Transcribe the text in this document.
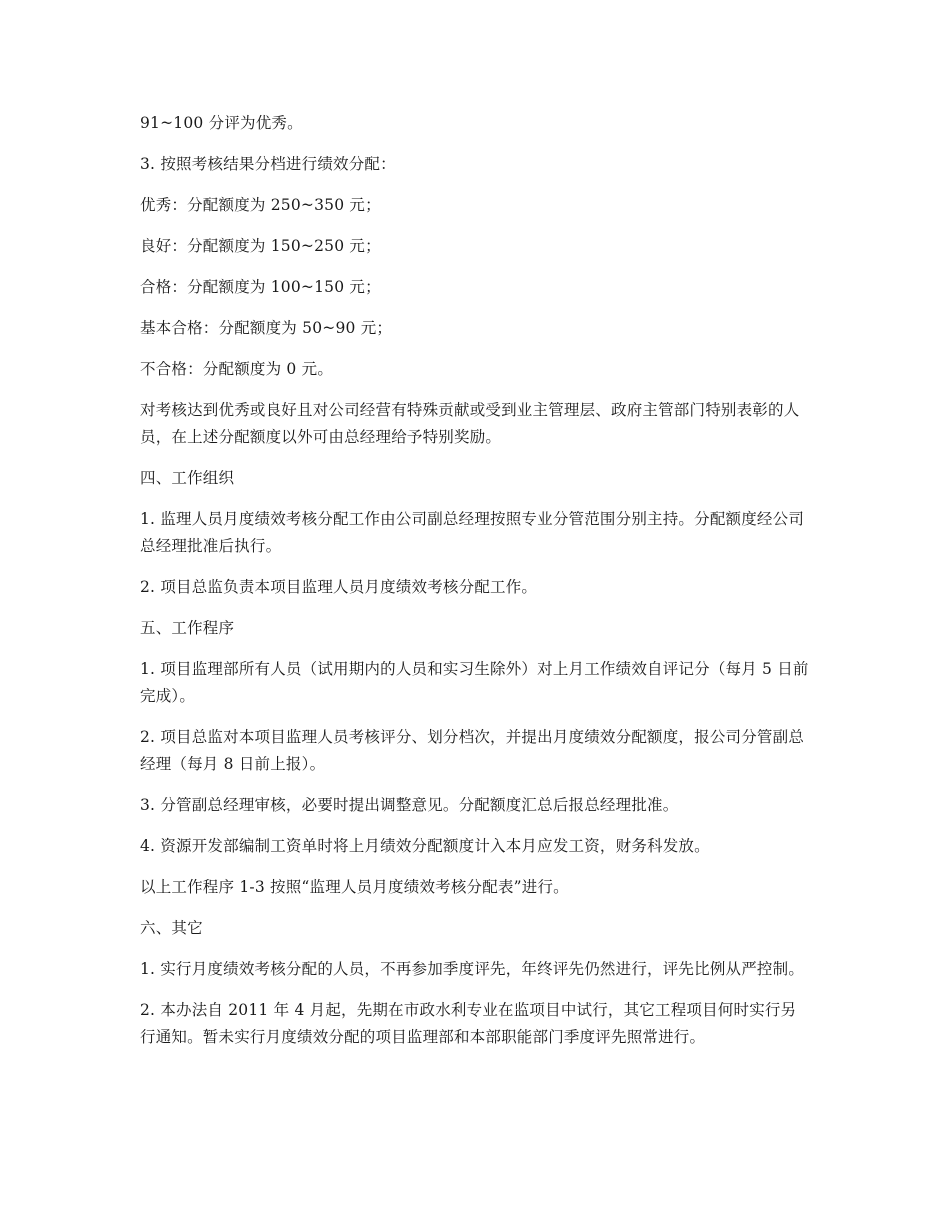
91~100 分评为优秀。

3. 按照考核结果分档进行绩效分配：

优秀：分配额度为 250~350 元；

良好：分配额度为 150~250 元；

合格：分配额度为 100~150 元；

基本合格：分配额度为 50~90 元；

不合格：分配额度为 0 元。

对考核达到优秀或良好且对公司经营有特殊贡献或受到业主管理层、政府主管部门特别表彰的人员，在上述分配额度以外可由总经理给予特别奖励。

四、工作组织

1. 监理人员月度绩效考核分配工作由公司副总经理按照专业分管范围分别主持。分配额度经公司总经理批准后执行。

2. 项目总监负责本项目监理人员月度绩效考核分配工作。

五、工作程序

1. 项目监理部所有人员（试用期内的人员和实习生除外）对上月工作绩效自评记分（每月 5 日前完成）。

2. 项目总监对本项目监理人员考核评分、划分档次，并提出月度绩效分配额度，报公司分管副总经理（每月 8 日前上报）。

3. 分管副总经理审核，必要时提出调整意见。分配额度汇总后报总经理批准。

4. 资源开发部编制工资单时将上月绩效分配额度计入本月应发工资，财务科发放。

以上工作程序 1-3 按照“监理人员月度绩效考核分配表”进行。

六、其它

1. 实行月度绩效考核分配的人员，不再参加季度评先，年终评先仍然进行，评先比例从严控制。

2. 本办法自 2011 年 4 月起，先期在市政水利专业在监项目中试行，其它工程项目何时实行另行通知。暂未实行月度绩效分配的项目监理部和本部职能部门季度评先照常进行。
